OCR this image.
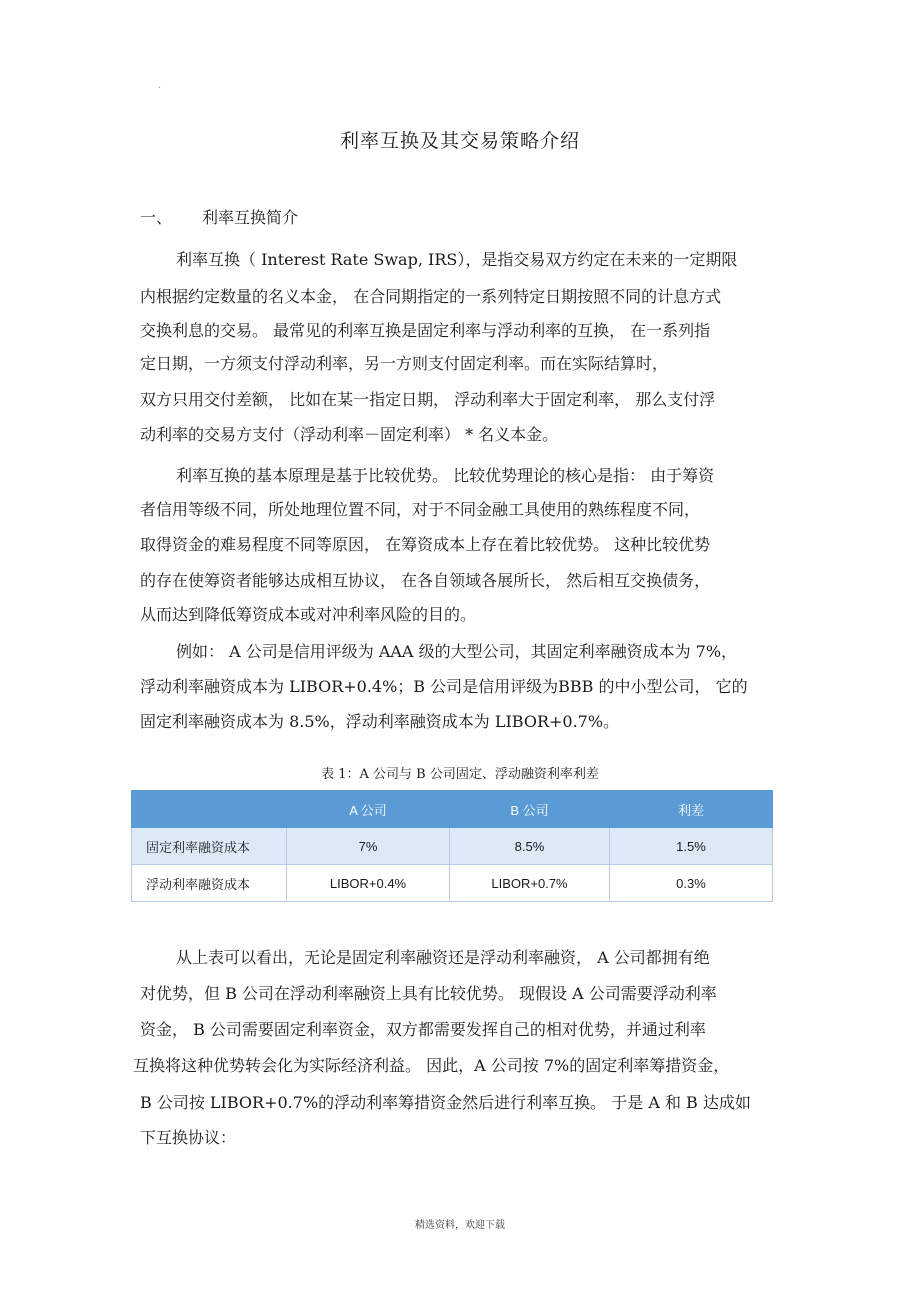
.
利率互换及其交易策略介绍
一、 利率互换简介
利率互换（ Interest Rate Swap, IRS），是指交易双方约定在未来的一定期限
内根据约定数量的名义本金， 在合同期指定的一系列特定日期按照不同的计息方式
交换利息的交易。 最常见的利率互换是固定利率与浮动利率的互换， 在一系列指
定日期，一方须支付浮动利率，另一方则支付固定利率。而在实际结算时，
双方只用交付差额， 比如在某一指定日期， 浮动利率大于固定利率， 那么支付浮
动利率的交易方支付（浮动利率－固定利率） * 名义本金。
利率互换的基本原理是基于比较优势。 比较优势理论的核心是指： 由于筹资
者信用等级不同，所处地理位置不同，对于不同金融工具使用的熟练程度不同，
取得资金的难易程度不同等原因， 在筹资成本上存在着比较优势。 这种比较优势
的存在使筹资者能够达成相互协议， 在各自领域各展所长， 然后相互交换债务，
从而达到降低筹资成本或对冲利率风险的目的。
例如： A 公司是信用评级为 AAA 级的大型公司，其固定利率融资成本为 7%，
浮动利率融资成本为 LIBOR+0.4%；B 公司是信用评级为BBB 的中小型公司， 它的
固定利率融资成本为 8.5%，浮动利率融资成本为 LIBOR+0.7%。
表 1：A 公司与 B 公司固定、浮动融资利率利差
	A 公司	B 公司	利差
固定利率融资成本	7%	8.5%	1.5%
浮动利率融资成本	LIBOR+0.4%	LIBOR+0.7%	0.3%
从上表可以看出，无论是固定利率融资还是浮动利率融资， A 公司都拥有绝
对优势，但 B 公司在浮动利率融资上具有比较优势。 现假设 A 公司需要浮动利率
资金， B 公司需要固定利率资金，双方都需要发挥自己的相对优势，并通过利率
互换将这种优势转会化为实际经济利益。 因此，A 公司按 7%的固定利率筹措资金，
B 公司按 LIBOR+0.7%的浮动利率筹措资金然后进行利率互换。 于是 A 和 B 达成如
下互换协议：
精选资料，欢迎下载
